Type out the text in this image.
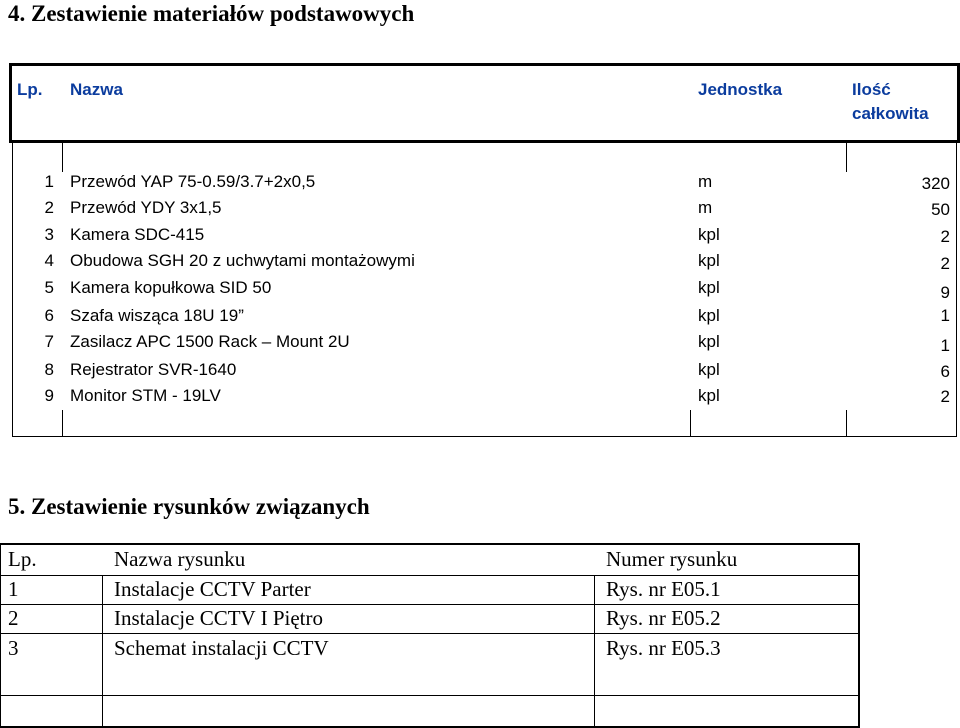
4. Zestawienie materiałów podstawowych
Lp. Nazwa	Jednostka	Ilość
całkowita
1 Przewód YAP 75-0.59/3.7+2x0,5	m	320
2 Przewód YDY 3x1,5	m	50
3 Kamera SDC-415	kpl	2
4 Obudowa SGH 20 z uchwytami montażowymi	kpl	2
5 Kamera kopułkowa SID 50	kpl	9
6 Szafa wisząca 18U 19”	kpl	1
7 Zasilacz APC 1500 Rack – Mount 2U	kpl	1
8 Rejestrator SVR-1640	kpl	6
9 Monitor STM - 19LV	kpl	2
5. Zestawienie rysunków związanych
Lp.	Nazwa rysunku	Numer rysunku
1	Instalacje CCTV Parter	Rys. nr E05.1
2	Instalacje CCTV I Piętro	Rys. nr E05.2
3	Schemat instalacji CCTV	Rys. nr E05.3
